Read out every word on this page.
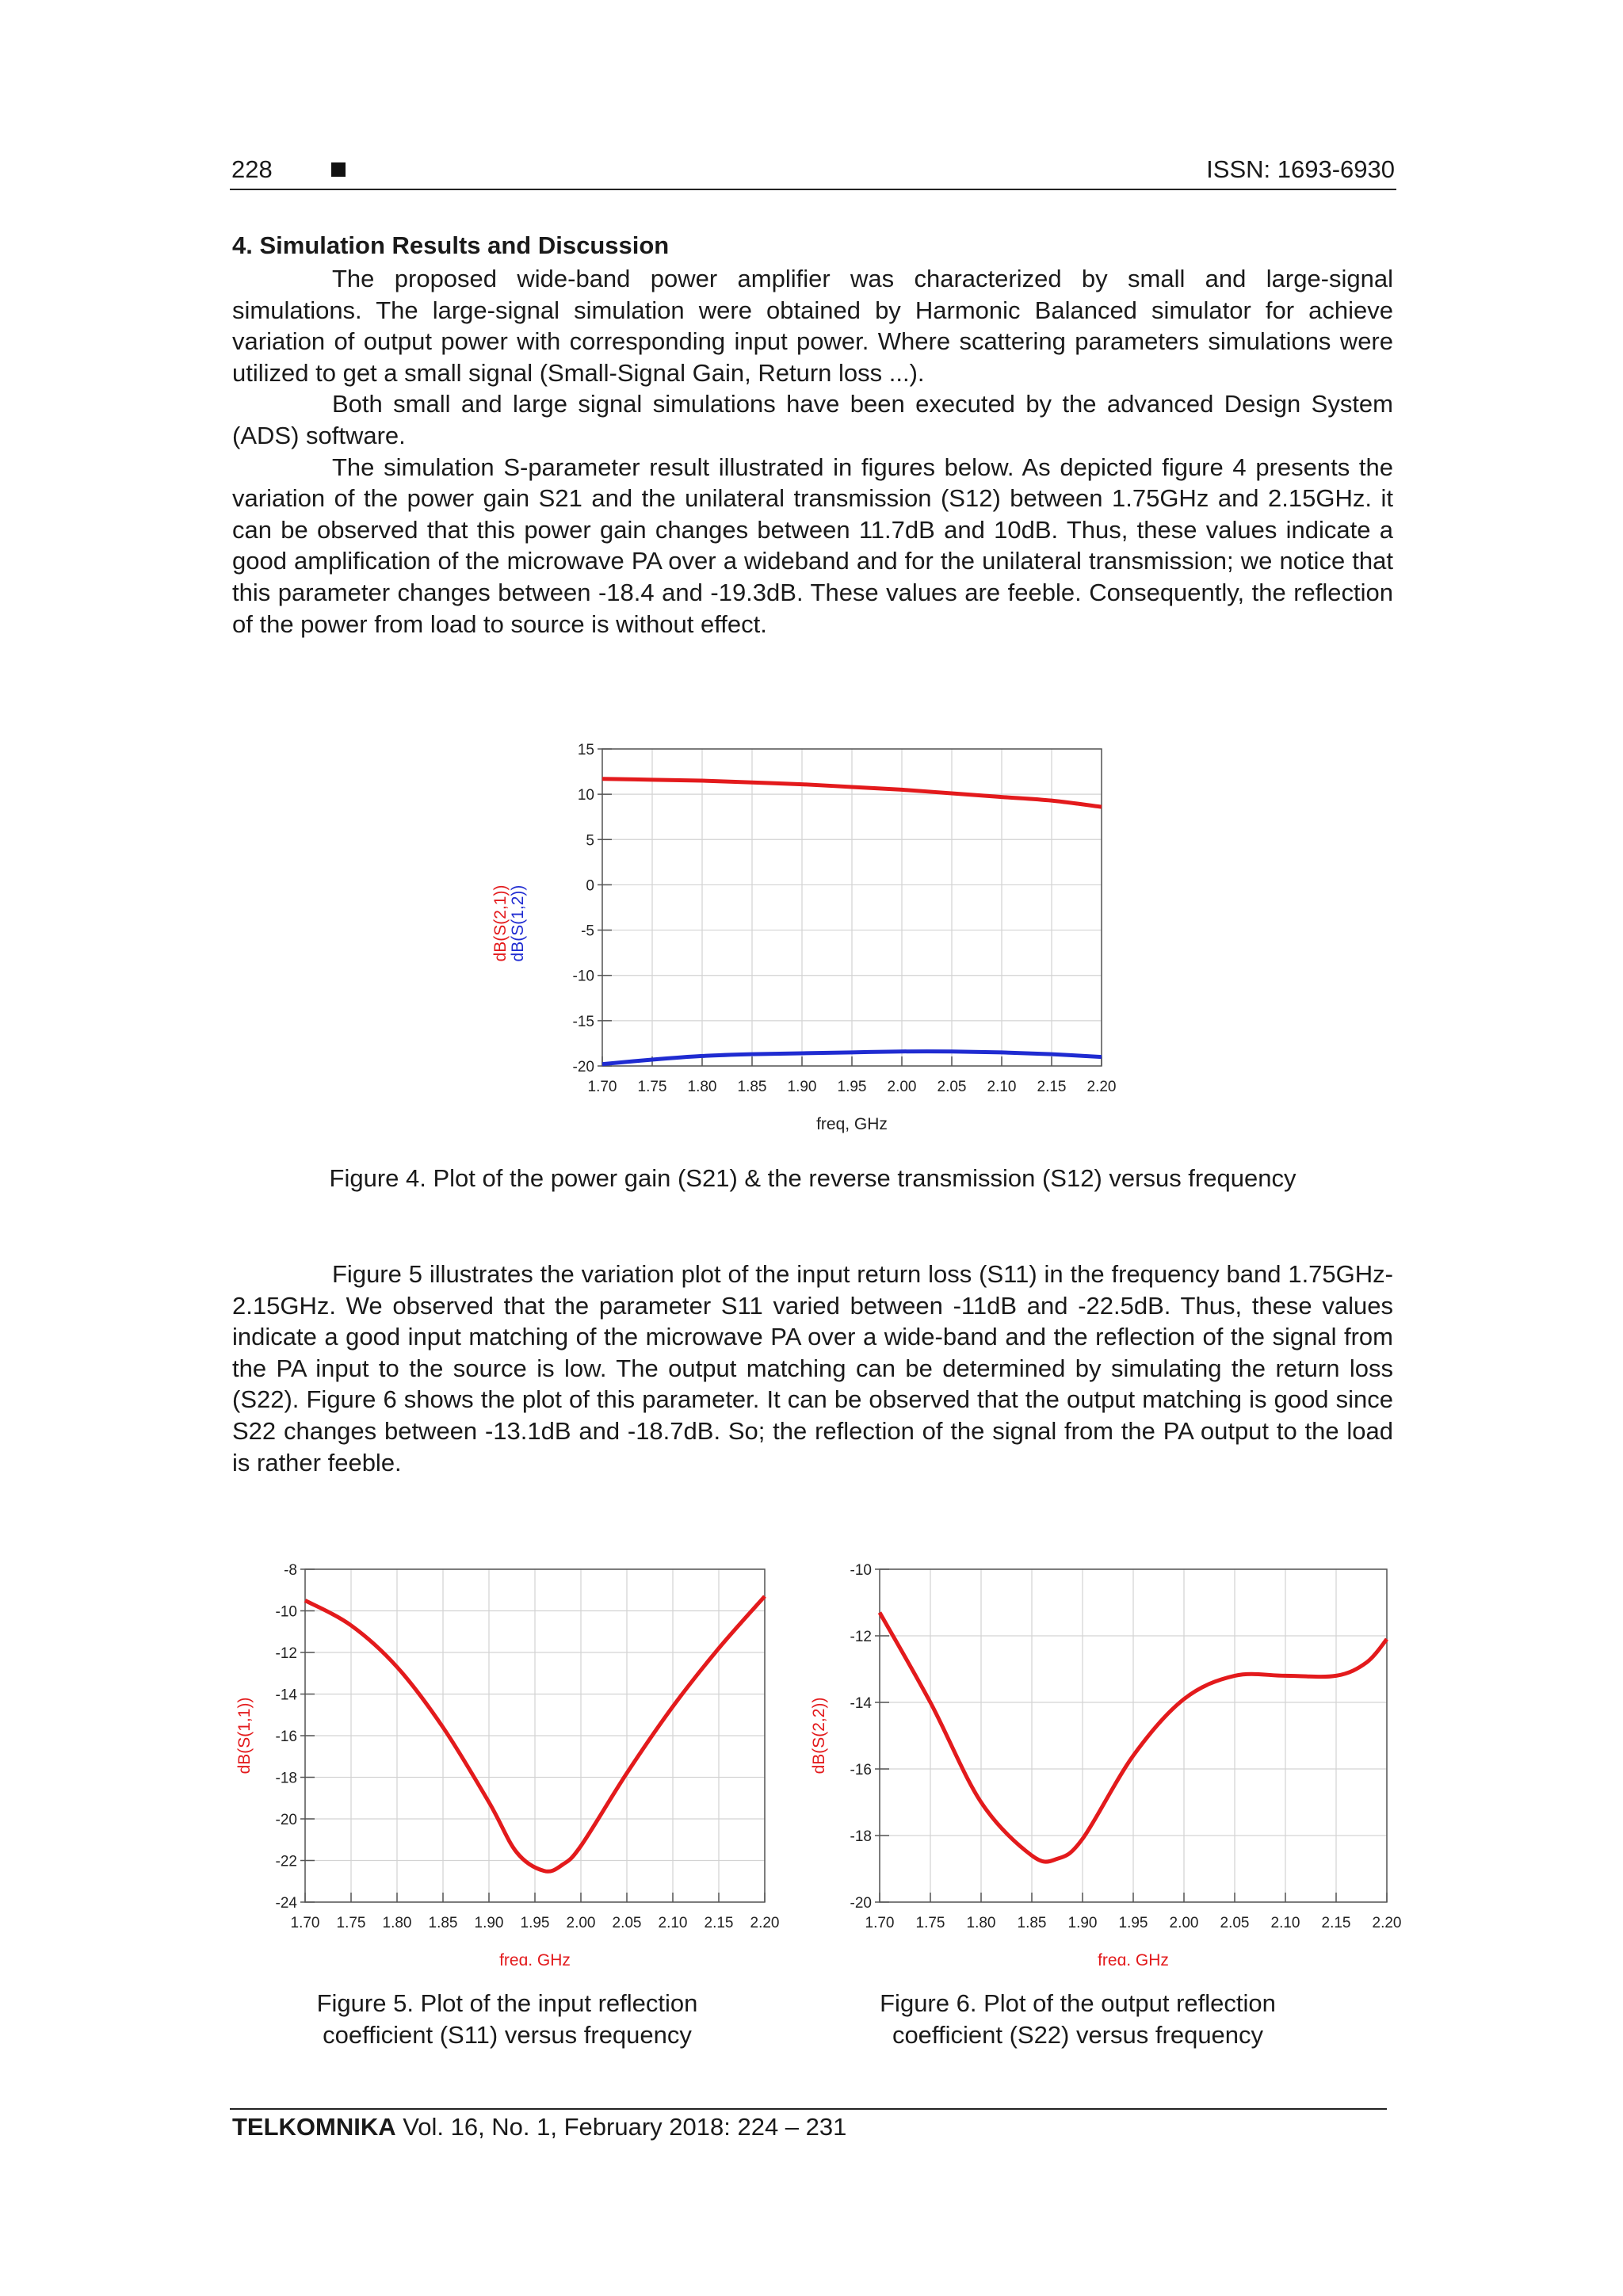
228	ISSN: 1693-6930
4. Simulation Results and Discussion

The proposed wide-band power amplifier was characterized by small and large-signal simulations. The large-signal simulation were obtained by Harmonic Balanced simulator for achieve variation of output power with corresponding input power. Where scattering parameters simulations were utilized to get a small signal (Small-Signal Gain, Return loss ...).

Both small and large signal simulations have been executed by the advanced Design System (ADS) software.

The simulation S-parameter result illustrated in figures below. As depicted figure 4 presents the variation of the power gain S21 and the unilateral transmission (S12) between 1.75GHz and 2.15GHz. it can be observed that this power gain changes between 11.7dB and 10dB. Thus, these values indicate a good amplification of the microwave PA over a wideband and for the unilateral transmission; we notice that this parameter changes between -18.4 and -19.3dB. These values are feeble. Consequently, the reflection of the power from load to source is without effect.

1.70 1.75 1.80 1.85 1.90 1.95 2.00 2.05 2.10 2.15 2.20
15
10
5
0
-5
-10
-15
-20
freq, GHz
dB(S(2,1)) dB(S(1,2))
Figure 4. Plot of the power gain (S21) & the reverse transmission (S12) versus frequency

Figure 5 illustrates the variation plot of the input return loss (S11) in the frequency band 1.75GHz-2.15GHz. We observed that the parameter S11 varied between -11dB and -22.5dB. Thus, these values indicate a good input matching of the microwave PA over a wide-band and the reflection of the signal from the PA input to the source is low. The output matching can be determined by simulating the return loss (S22). Figure 6 shows the plot of this parameter. It can be observed that the output matching is good since S22 changes between -13.1dB and -18.7dB. So; the reflection of the signal from the PA output to the load is rather feeble.

1.70 1.75 1.80 1.85 1.90 1.95 2.00 2.05 2.10 2.15 2.20
-8
-10
-12
-14
-16
-18
-20
-22
-24
freq, GHz
dB(S(1,1))
Figure 5. Plot of the input reflection
coefficient (S11) versus frequency
1.70 1.75 1.80 1.85 1.90 1.95 2.00 2.05 2.10 2.15 2.20
-10
-12
-14
-16
-18
-20
freq, GHz
dB(S(2,2))
Figure 6. Plot of the output reflection
coefficient (S22) versus frequency
TELKOMNIKA Vol. 16, No. 1, February 2018: 224 – 231
